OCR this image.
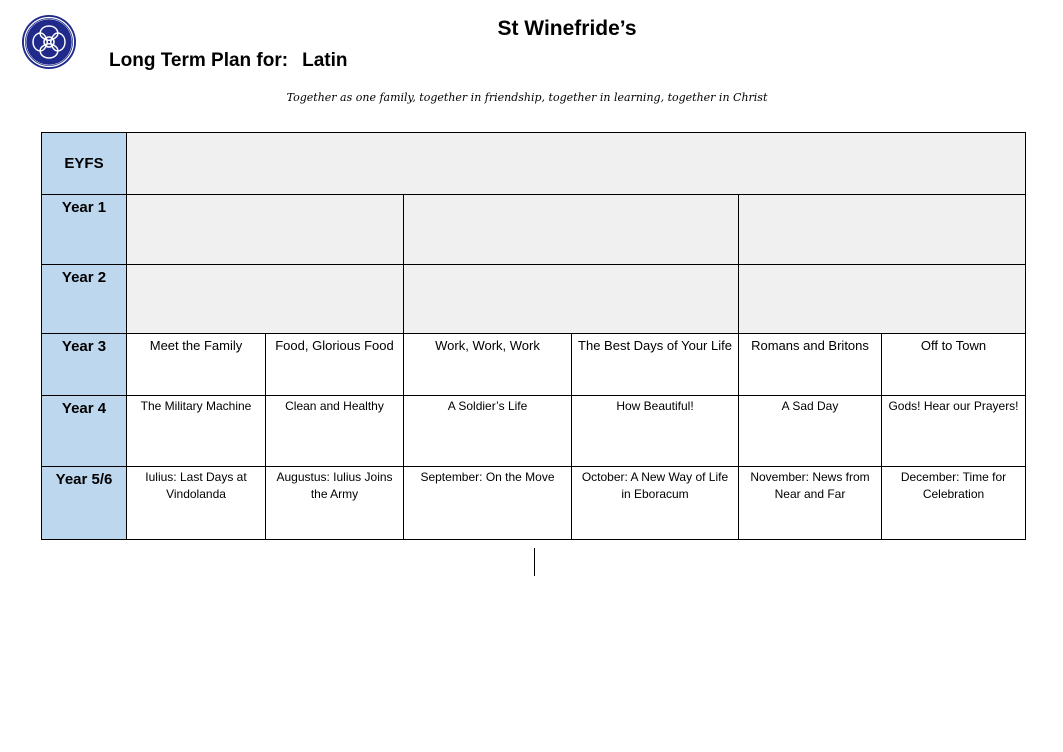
St Winefride’s
Long Term Plan for: Latin
Together as one family, together in friendship, together in learning, together in Christ
EYFS						
Year 1						
Year 2						
Year 3	Meet the Family	Food, Glorious Food	Work, Work, Work	The Best Days of Your Life	Romans and Britons	Off to Town
Year 4	The Military Machine	Clean and Healthy	A Soldier’s Life	How Beautiful!	A Sad Day	Gods! Hear our Prayers!
Year 5/6	Iulius: Last Days at Vindolanda	Augustus: Iulius Joins the Army	September: On the Move	October: A New Way of Life in Eboracum	November: News from Near and Far	December: Time for Celebration
